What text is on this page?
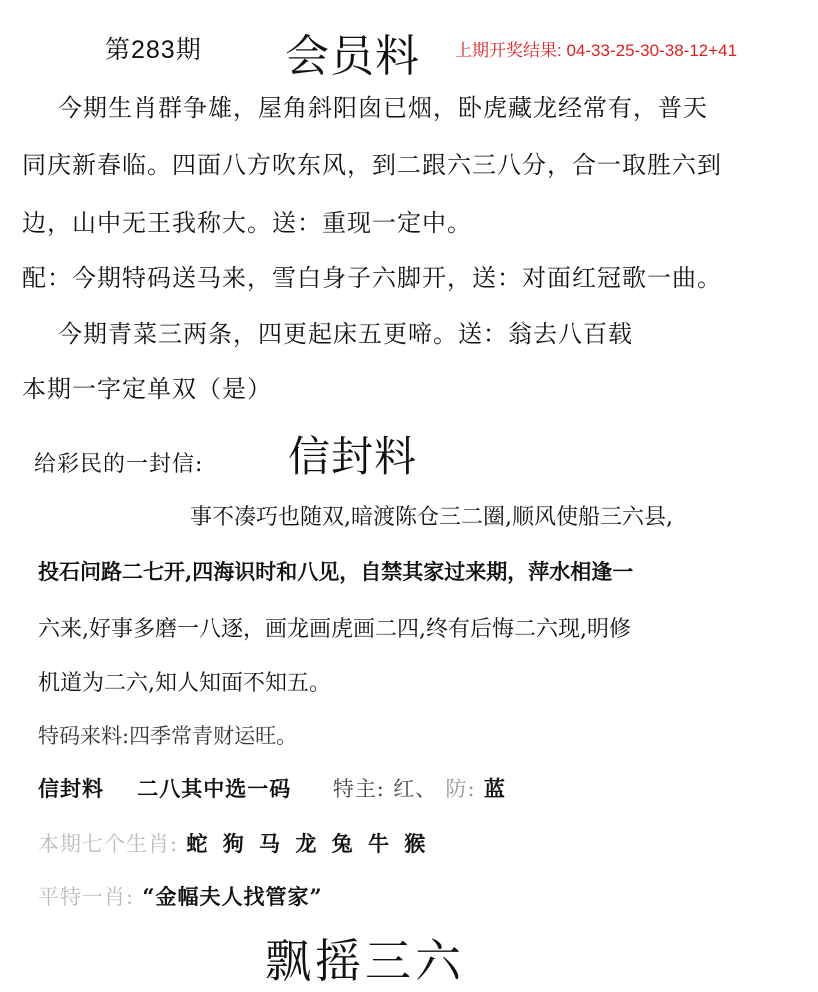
第283期 会员料 上期开奖结果: 04-33-25-30-38-12+41
今期生肖群争雄，屋角斜阳囱已烟，卧虎藏龙经常有，普天
同庆新春临。四面八方吹东风，到二跟六三八分，合一取胜六到
边，山中无王我称大。送：重现一定中。
配：今期特码送马来，雪白身子六脚开，送：对面红冠歌一曲。
今期青菜三两条，四更起床五更啼。送：翁去八百载
本期一字定单双（是）
给彩民的一封信: 信封料
事不凑巧也随双,暗渡陈仓三二圈,顺风使船三六县,
投石问路二七开,四海识时和八见，自禁其家过来期，萍水相逢一
六来,好事多磨一八逐，画龙画虎画二四,终有后悔二六现,明修
机道为二六,知人知面不知五。
特码来料:四季常青财运旺。
信封料 二八其中选一码 特主: 红、 防: 蓝
本期七个生肖: 蛇 狗 马 龙 兔 牛 猴
平特一肖: “金幅夫人找管家”
飘摇三六
